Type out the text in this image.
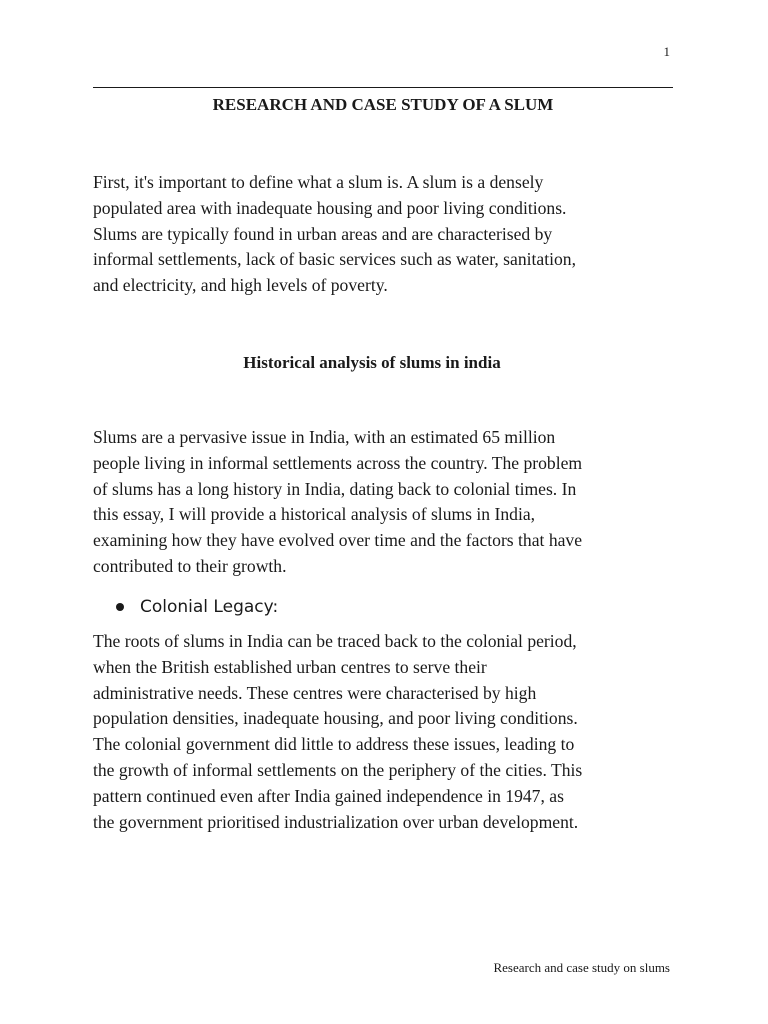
1
RESEARCH AND CASE STUDY OF A SLUM

First, it's important to define what a slum is. A slum is a densely
populated area with inadequate housing and poor living conditions.
Slums are typically found in urban areas and are characterised by
informal settlements, lack of basic services such as water, sanitation,
and electricity, and high levels of poverty.

Historical analysis of slums in india

Slums are a pervasive issue in India, with an estimated 65 million
people living in informal settlements across the country. The problem
of slums has a long history in India, dating back to colonial times. In
this essay, I will provide a historical analysis of slums in India,
examining how they have evolved over time and the factors that have
contributed to their growth.

Colonial Legacy:

The roots of slums in India can be traced back to the colonial period,
when the British established urban centres to serve their
administrative needs. These centres were characterised by high
population densities, inadequate housing, and poor living conditions.
The colonial government did little to address these issues, leading to
the growth of informal settlements on the periphery of the cities. This
pattern continued even after India gained independence in 1947, as
the government prioritised industrialization over urban development.

Research and case study on slums
